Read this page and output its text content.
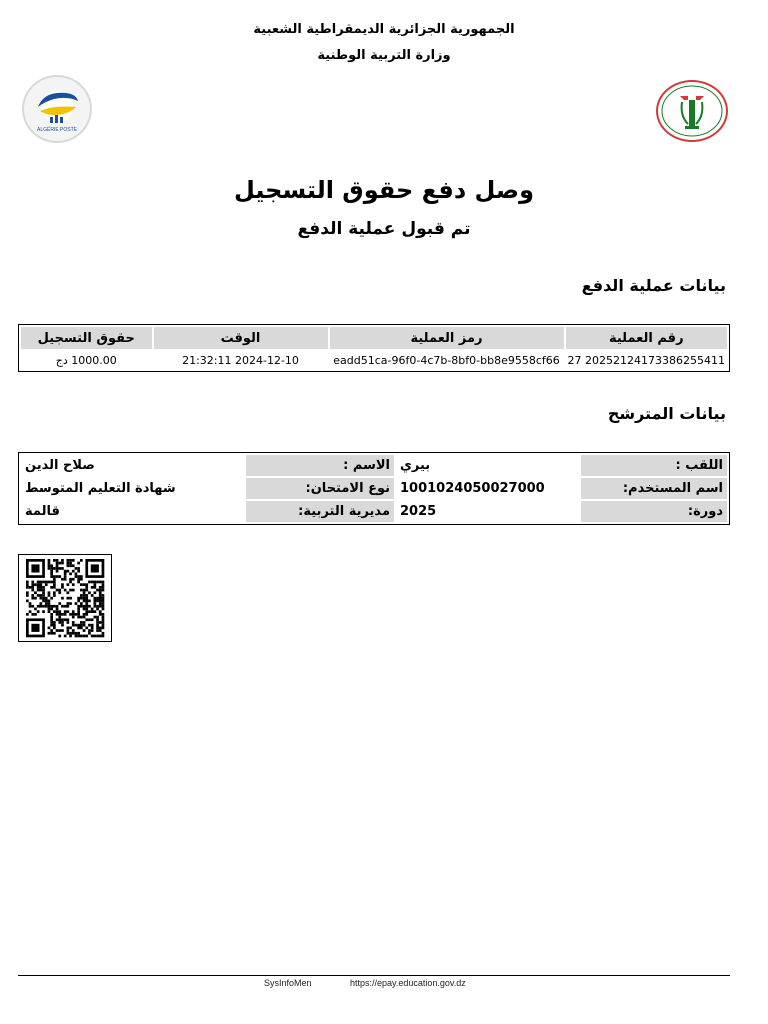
الجمهورية الجزائرية الديمقراطية الشعبية
وزارة التربية الوطنية
ALGÉRIE POSTE
وصل دفع حقوق التسجيل
تم قبول عملية الدفع
بيانات عملية الدفع
رقم العملية	رمز العملية	الوقت	حقوق التسجيل
20252124173386255411 27	eadd51ca-96f0-4c7b-8bf0-bb8e9558cf66	2024-12-10 21:32:11	1000.00 دج
بيانات المترشح
اللقب :	بيري	الاسم :	صلاح الدين
اسم المستخدم:	1001024050027000	نوع الامتحان:	شهادة التعليم المتوسط
دورة:	2025	مديرية التربية:	قالمة
SysInfoMen	https://epay.education.gov.dz
